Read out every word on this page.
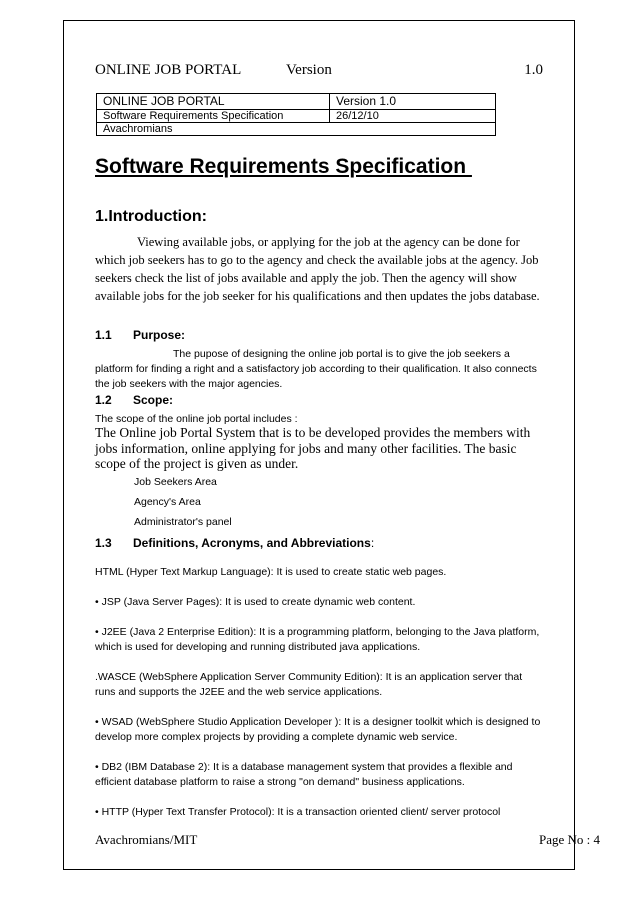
ONLINE JOB PORTAL	Version	1.0
ONLINE JOB PORTAL	Version 1.0
Software Requirements Specification	26/12/10
Avachromians	
Software Requirements Specification
1.Introduction:

Viewing available jobs, or applying for the job at the agency can be done for which job seekers has to go to the agency and check the available jobs at the agency. Job seekers check the list of jobs available and apply the job. Then the agency will show available jobs for the job seeker for his qualifications and then updates the jobs database.

1.1 Purpose:

The pupose of designing the online job portal is to give the job seekers a platform for finding a right and a satisfactory job according to their qualification. It also connects the job seekers with the major agencies.

1.2 Scope:

The scope of the online job portal includes :

The Online job Portal System that is to be developed provides the members with jobs information, online applying for jobs and many other facilities. The basic scope of the project is given as under.

Job Seekers Area
Agency's Area
Administrator's panel
1.3 Definitions, Acronyms, and Abbreviations:
HTML (Hyper Text Markup Language): It is used to create static web pages.
• JSP (Java Server Pages): It is used to create dynamic web content.
• J2EE (Java 2 Enterprise Edition): It is a programming platform, belonging to the Java platform, which is used for developing and running distributed java applications.
.WASCE (WebSphere Application Server Community Edition): It is an application server that runs and supports the J2EE and the web service applications.
• WSAD (WebSphere Studio Application Developer ): It is a designer toolkit which is designed to develop more complex projects by providing a complete dynamic web service.
• DB2 (IBM Database 2): It is a database management system that provides a flexible and efficient database platform to raise a strong "on demand" business applications.
• HTTP (Hyper Text Transfer Protocol): It is a transaction oriented client/ server protocol
Avachromians/MIT	Page No : 4
